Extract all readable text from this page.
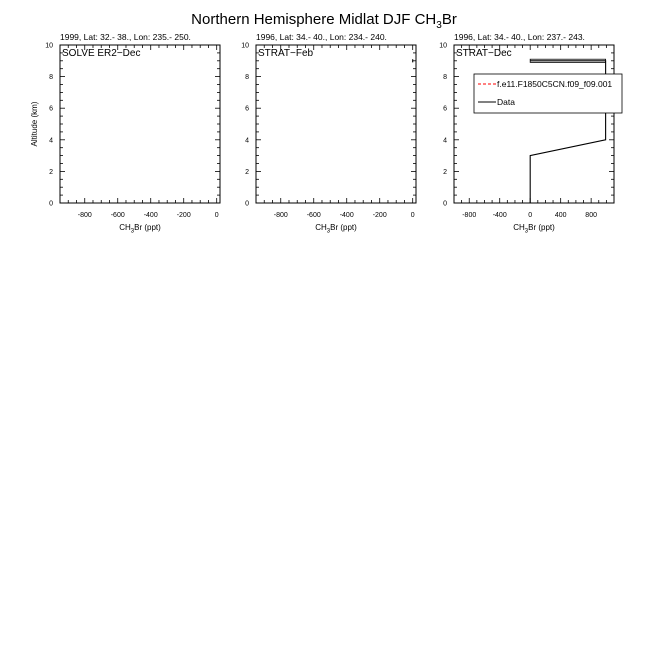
Northern Hemisphere Midlat DJF $CH_3Br$
1999, Lat: 32.- 38., Lon: 235.- 250.
0
2
4
6
8
10
-800	-600	-400	-200	0
$CH_3Br$ (ppt)
SOLVE ER2−Dec
1996, Lat: 34.- 40., Lon: 234.- 240.
0
2
4
6
8
10
-800	-600	-400	-200	0
$CH_3Br$ (ppt)
STRAT−Feb
1996, Lat: 34.- 40., Lon: 237.- 243.
0
2
4
6
8
10
-800 -400	0	400	800
$CH_3Br$ (ppt)
STRAT−Dec
f.e11.F1850C5CN.f09_f09.001
Data
Altitude (km)
